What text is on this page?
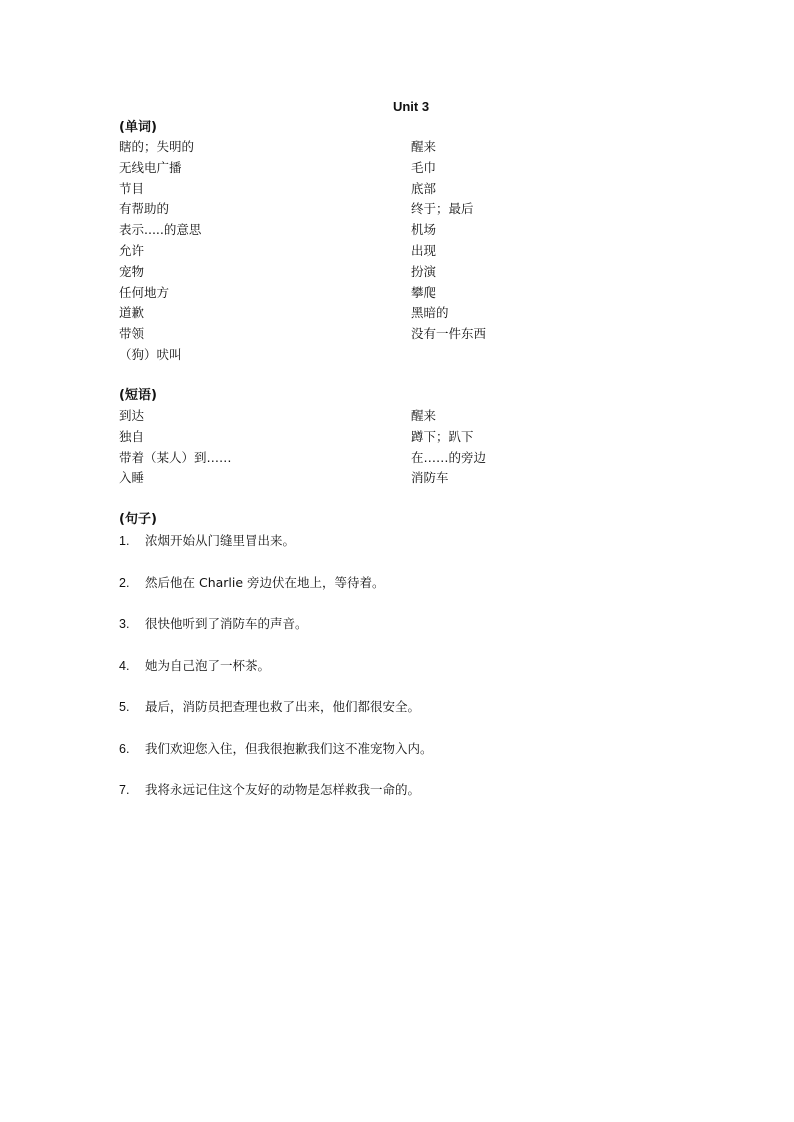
Unit 3
(单词)
瞎的；失明的	醒来
无线电广播	毛巾
节目	底部
有帮助的	终于；最后
表示.....的意思	机场
允许	出现
宠物	扮演
任何地方	攀爬
道歉	黑暗的
带领	没有一件东西
（狗）吠叫
(短语)
到达	醒来
独自	蹲下；趴下
带着（某人）到……	在……的旁边
入睡	消防车
(句子)
1. 浓烟开始从门缝里冒出来。
2. 然后他在 Charlie 旁边伏在地上，等待着。
3. 很快他听到了消防车的声音。
4. 她为自己泡了一杯茶。
5. 最后，消防员把查理也救了出来，他们都很安全。
6. 我们欢迎您入住，但我很抱歉我们这不准宠物入内。
7. 我将永远记住这个友好的动物是怎样救我一命的。
